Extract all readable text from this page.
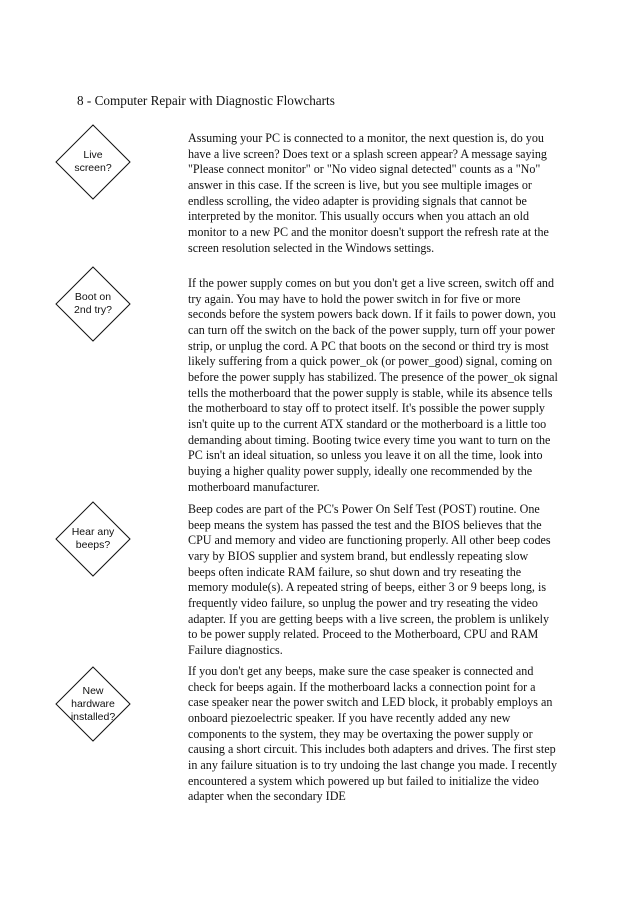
8 - Computer Repair with Diagnostic Flowcharts
Live
screen?
Boot on
2nd try?
Hear any
beeps?
New
hardware
installed?

Assuming your PC is connected to a monitor, the next question is, do you have a live screen? Does text or a splash screen appear? A message saying "Please connect monitor" or "No video signal detected" counts as a "No" answer in this case. If the screen is live, but you see multiple images or endless scrolling, the video adapter is providing signals that cannot be interpreted by the monitor. This usually occurs when you attach an old monitor to a new PC and the monitor doesn't support the refresh rate at the screen resolution selected in the Windows settings.

If the power supply comes on but you don't get a live screen, switch off and try again. You may have to hold the power switch in for five or more seconds before the system powers back down. If it fails to power down, you can turn off the switch on the back of the power supply, turn off your power strip, or unplug the cord. A PC that boots on the second or third try is most likely suffering from a quick power_ok (or power_good) signal, coming on before the power supply has stabilized. The presence of the power_ok signal tells the motherboard that the power supply is stable, while its absence tells the motherboard to stay off to protect itself. It's possible the power supply isn't quite up to the current ATX standard or the motherboard is a little too demanding about timing. Booting twice every time you want to turn on the PC isn't an ideal situation, so unless you leave it on all the time, look into buying a higher quality power supply, ideally one recommended by the motherboard manufacturer.

Beep codes are part of the PC's Power On Self Test (POST) routine. One beep means the system has passed the test and the BIOS believes that the CPU and memory and video are functioning properly. All other beep codes vary by BIOS supplier and system brand, but endlessly repeating slow beeps often indicate RAM failure, so shut down and try reseating the memory module(s). A repeated string of beeps, either 3 or 9 beeps long, is frequently video failure, so unplug the power and try reseating the video adapter. If you are getting beeps with a live screen, the problem is unlikely to be power supply related. Proceed to the Motherboard, CPU and RAM Failure diagnostics.

If you don't get any beeps, make sure the case speaker is connected and check for beeps again. If the motherboard lacks a connection point for a case speaker near the power switch and LED block, it probably employs an onboard piezoelectric speaker. If you have recently added any new components to the system, they may be overtaxing the power supply or causing a short circuit. This includes both adapters and drives. The first step in any failure situation is to try undoing the last change you made. I recently encountered a system which powered up but failed to initialize the video adapter when the secondary IDE
